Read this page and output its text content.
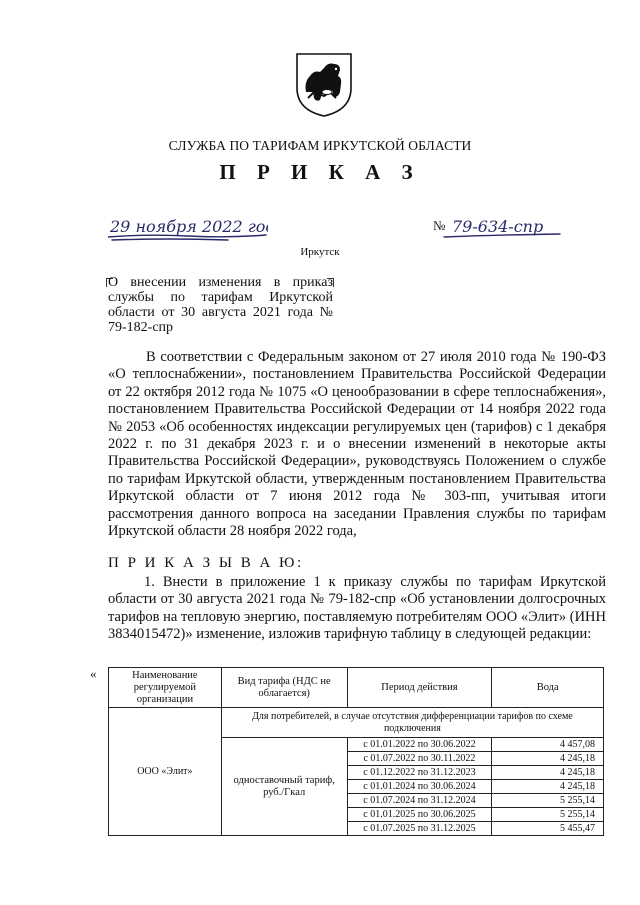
СЛУЖБА ПО ТАРИФАМ ИРКУТСКОЙ ОБЛАСТИ
П Р И К А З
29 ноября 2022 года	№ 79-634-спр
Иркутск
О внесении изменения в приказ службы по тарифам Иркутской области от 30 августа 2021 года № 79-182-спр

В соответствии с Федеральным законом от 27 июля 2010 года № 190-ФЗ «О теплоснабжении», постановлением Правительства Российской Федерации от 22 октября 2012 года № 1075 «О ценообразовании в сфере теплоснабжения», постановлением Правительства Российской Федерации от 14 ноября 2022 года № 2053 «Об особенностях индексации регулируемых цен (тарифов) с 1 декабря 2022 г. по 31 декабря 2023 г. и о внесении изменений в некоторые акты Правительства Российской Федерации», руководствуясь Положением о службе по тарифам Иркутской области, утвержденным постановлением Правительства Иркутской области от 7 июня 2012 года № 303-пп, учитывая итоги рассмотрения данного вопроса на заседании Правления службы по тарифам Иркутской области 28 ноября 2022 года,

П Р И К А З Ы В А Ю:
1. Внести в приложение 1 к приказу службы по тарифам Иркутской области от 30 августа 2021 года № 79-182-спр «Об установлении долгосрочных тарифов на тепловую энергию, поставляемую потребителям ООО «Элит» (ИНН 3834015472)» изменение, изложив тарифную таблицу в следующей редакции:
«	Наименование регулируемой организации	Вид тарифа (НДС не облагается)	Период действия	Вода
ООО «Элит»	Для потребителей, в случае отсутствия дифференциации тарифов по схеме подключения		
	одноставочный тариф, руб./Гкал	с 01.01.2022 по 30.06.2022	4 457,08
		с 01.07.2022 по 30.11.2022	4 245,18
		с 01.12.2022 по 31.12.2023	4 245,18
		с 01.01.2024 по 30.06.2024	4 245,18
		с 01.07.2024 по 31.12.2024	5 255,14
		с 01.01.2025 по 30.06.2025	5 255,14
		с 01.07.2025 по 31.12.2025	5 455,47
